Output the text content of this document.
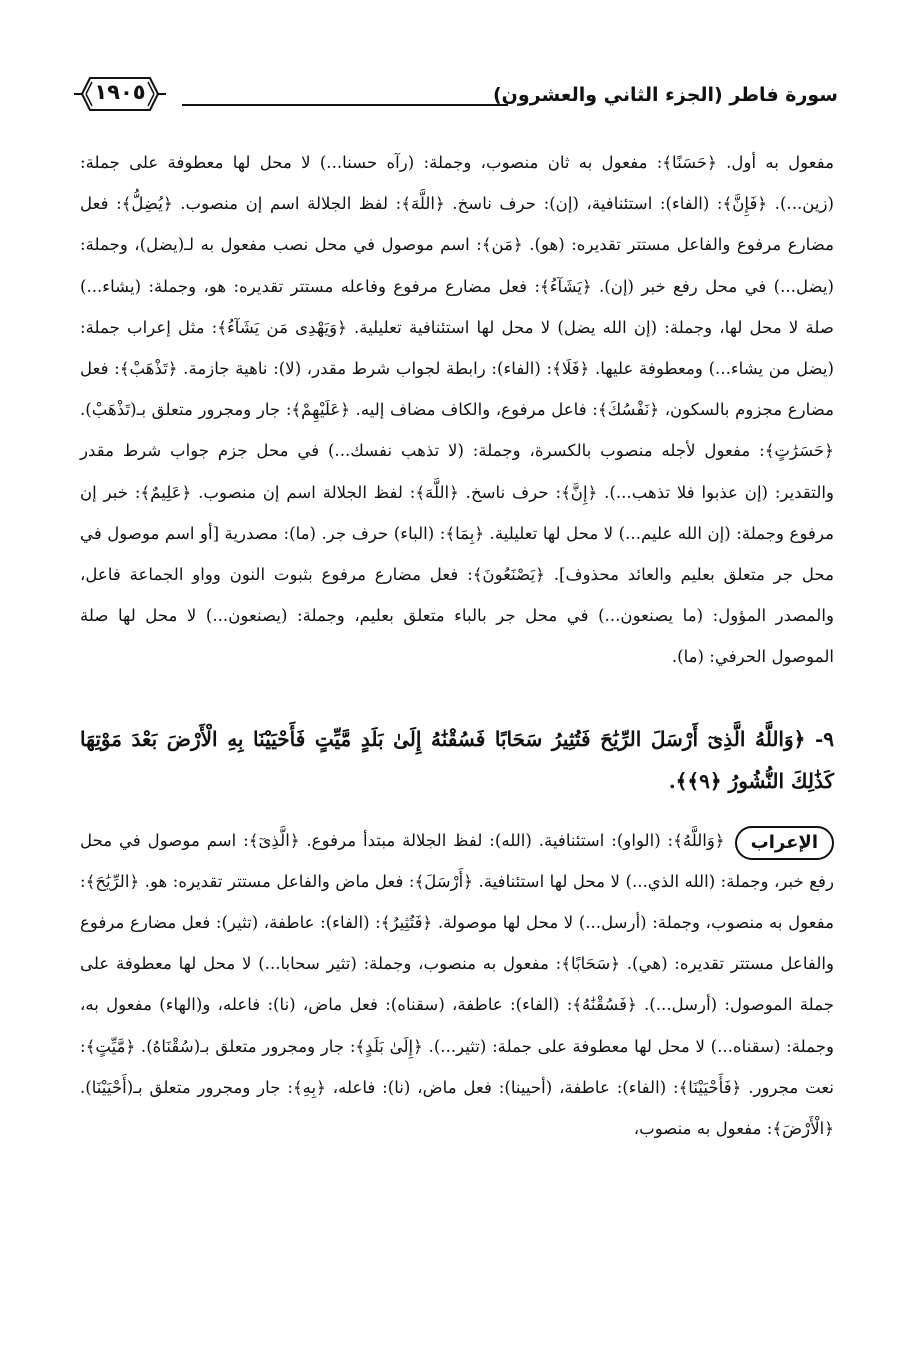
سورة فاطر (الجزء الثاني والعشرون)
١٩٠٥

مفعول به أول. ﴿حَسَنًا﴾: مفعول به ثان منصوب، وجملة: (رآه حسنا...) لا محل لها معطوفة على جملة: (زين...). ﴿فَإِنَّ﴾: (الفاء): استئنافية، (إن): حرف ناسخ. ﴿اللَّهَ﴾: لفظ الجلالة اسم إن منصوب. ﴿يُضِلُّ﴾: فعل مضارع مرفوع والفاعل مستتر تقديره: (هو). ﴿مَن﴾: اسم موصول في محل نصب مفعول به لـ(يضل)، وجملة: (يضل...) في محل رفع خبر (إن). ﴿يَشَآءُ﴾: فعل مضارع مرفوع وفاعله مستتر تقديره: هو، وجملة: (يشاء...) صلة لا محل لها، وجملة: (إن الله يضل) لا محل لها استئنافية تعليلية. ﴿وَيَهْدِى مَن يَشَآءُ﴾: مثل إعراب جملة: (يضل من يشاء...) ومعطوفة عليها. ﴿فَلَا﴾: (الفاء): رابطة لجواب شرط مقدر، (لا): ناهية جازمة. ﴿تَذْهَبْ﴾: فعل مضارع مجزوم بالسكون، ﴿نَفْسُكَ﴾: فاعل مرفوع، والكاف مضاف إليه. ﴿عَلَيْهِمْ﴾: جار ومجرور متعلق بـ(تَذْهَبْ). ﴿حَسَرَٰتٍ﴾: مفعول لأجله منصوب بالكسرة، وجملة: (لا تذهب نفسك...) في محل جزم جواب شرط مقدر والتقدير: (إن عذبوا فلا تذهب...). ﴿إِنَّ﴾: حرف ناسخ. ﴿اللَّهَ﴾: لفظ الجلالة اسم إن منصوب. ﴿عَلِيمٌ﴾: خبر إن مرفوع وجملة: (إن الله عليم...) لا محل لها تعليلية. ﴿بِمَا﴾: (الباء) حرف جر. (ما): مصدرية [أو اسم موصول في محل جر متعلق بعليم والعائد محذوف]. ﴿يَصْنَعُونَ﴾: فعل مضارع مرفوع بثبوت النون وواو الجماعة فاعل، والمصدر المؤول: (ما يصنعون...) في محل جر بالباء متعلق بعليم، وجملة: (يصنعون...) لا محل لها صلة الموصول الحرفي: (ما).

٩- ﴿وَاللَّهُ الَّذِىٓ أَرْسَلَ الرِّيَٰحَ فَتُثِيرُ سَحَابًا فَسُقْنَٰهُ إِلَىٰ بَلَدٍ مَّيِّتٍ فَأَحْيَيْنَا بِهِ الْأَرْضَ بَعْدَ مَوْتِهَا كَذَٰلِكَ النُّشُورُ ﴿٩﴾﴾.

الإعراب

﴿وَاللَّهُ﴾: (الواو): استئنافية. (الله): لفظ الجلالة مبتدأ مرفوع. ﴿الَّذِىٓ﴾: اسم موصول في محل رفع خبر، وجملة: (الله الذي...) لا محل لها استئنافية. ﴿أَرْسَلَ﴾: فعل ماض والفاعل مستتر تقديره: هو. ﴿الرِّيَٰحَ﴾: مفعول به منصوب، وجملة: (أرسل...) لا محل لها موصولة. ﴿فَتُثِيرُ﴾: (الفاء): عاطفة، (تثير): فعل مضارع مرفوع والفاعل مستتر تقديره: (هي). ﴿سَحَابًا﴾: مفعول به منصوب، وجملة: (تثير سحابا...) لا محل لها معطوفة على جملة الموصول: (أرسل...). ﴿فَسُقْنَٰهُ﴾: (الفاء): عاطفة، (سقناه): فعل ماض، (نا): فاعله، و(الهاء) مفعول به، وجملة: (سقناه...) لا محل لها معطوفة على جملة: (تثير...). ﴿إِلَىٰ بَلَدٍ﴾: جار ومجرور متعلق بـ(سُقْنَاهُ). ﴿مَّيِّتٍ﴾: نعت مجرور. ﴿فَأَحْيَيْنَا﴾: (الفاء): عاطفة، (أحيينا): فعل ماض، (نا): فاعله، ﴿بِهِ﴾: جار ومجرور متعلق بـ(أَحْيَيْنَا). ﴿الْأَرْضَ﴾: مفعول به منصوب،
